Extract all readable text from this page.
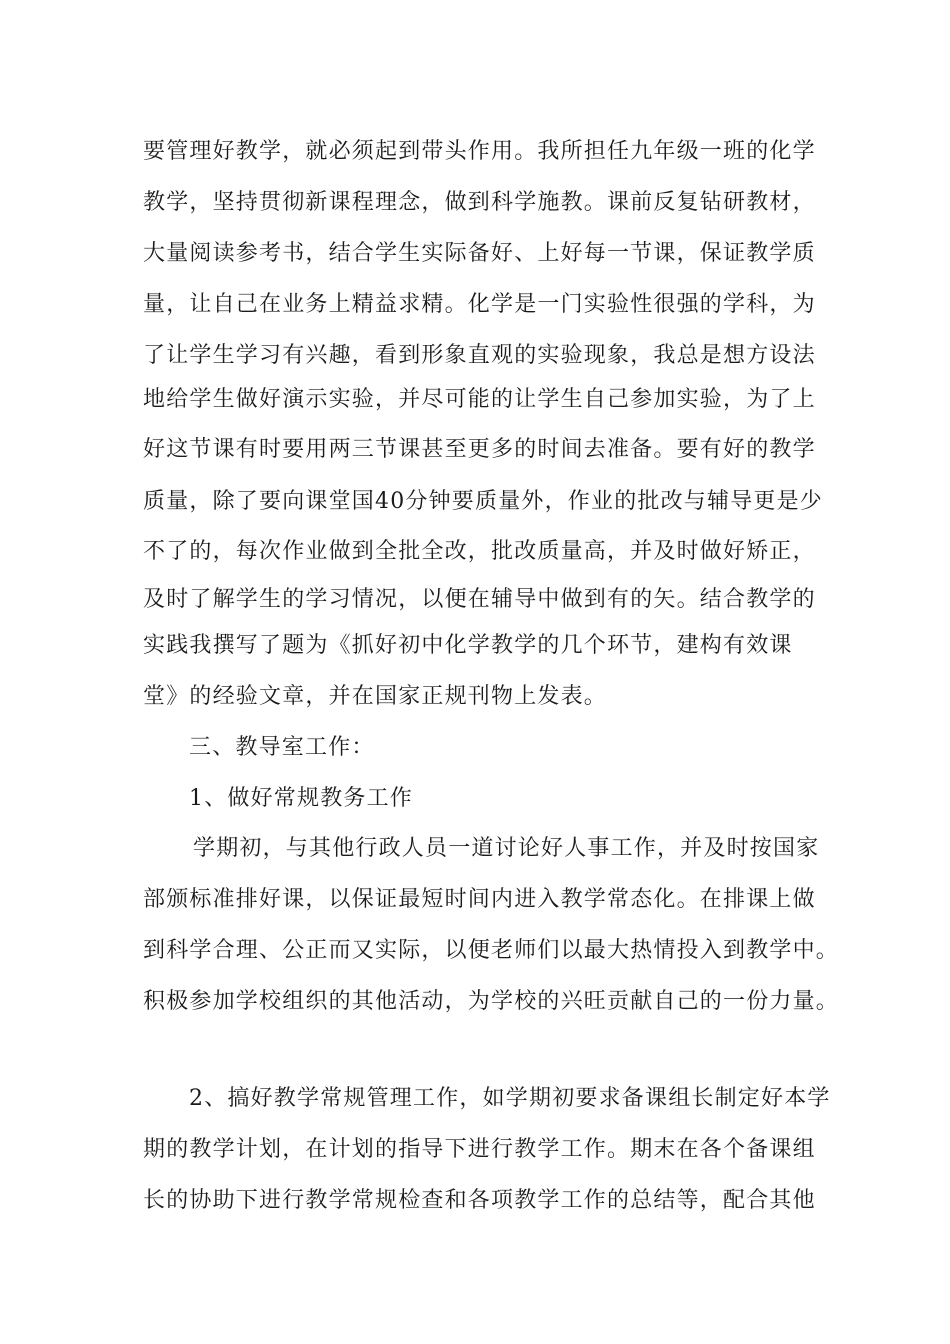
要管理好教学，就必须起到带头作用。我所担任九年级一班的化学

教学，坚持贯彻新课程理念，做到科学施教。课前反复钻研教材，

大量阅读参考书，结合学生实际备好、上好每一节课，保证教学质

量，让自己在业务上精益求精。化学是一门实验性很强的学科，为

了让学生学习有兴趣，看到形象直观的实验现象，我总是想方设法

地给学生做好演示实验，并尽可能的让学生自己参加实验，为了上

好这节课有时要用两三节课甚至更多的时间去准备。要有好的教学

质量，除了要向课堂国40分钟要质量外，作业的批改与辅导更是少

不了的，每次作业做到全批全改，批改质量高，并及时做好矫正，

及时了解学生的学习情况，以便在辅导中做到有的矢。结合教学的

实践我撰写了题为《抓好初中化学教学的几个环节，建构有效课

堂》的经验文章，并在国家正规刊物上发表。

三、教导室工作：

1、做好常规教务工作

学期初，与其他行政人员一道讨论好人事工作，并及时按国家

部颁标准排好课，以保证最短时间内进入教学常态化。在排课上做

到科学合理、公正而又实际，以便老师们以最大热情投入到教学中。

积极参加学校组织的其他活动，为学校的兴旺贡献自己的一份力量。

2、搞好教学常规管理工作，如学期初要求备课组长制定好本学

期的教学计划，在计划的指导下进行教学工作。期末在各个备课组

长的协助下进行教学常规检查和各项教学工作的总结等，配合其他
